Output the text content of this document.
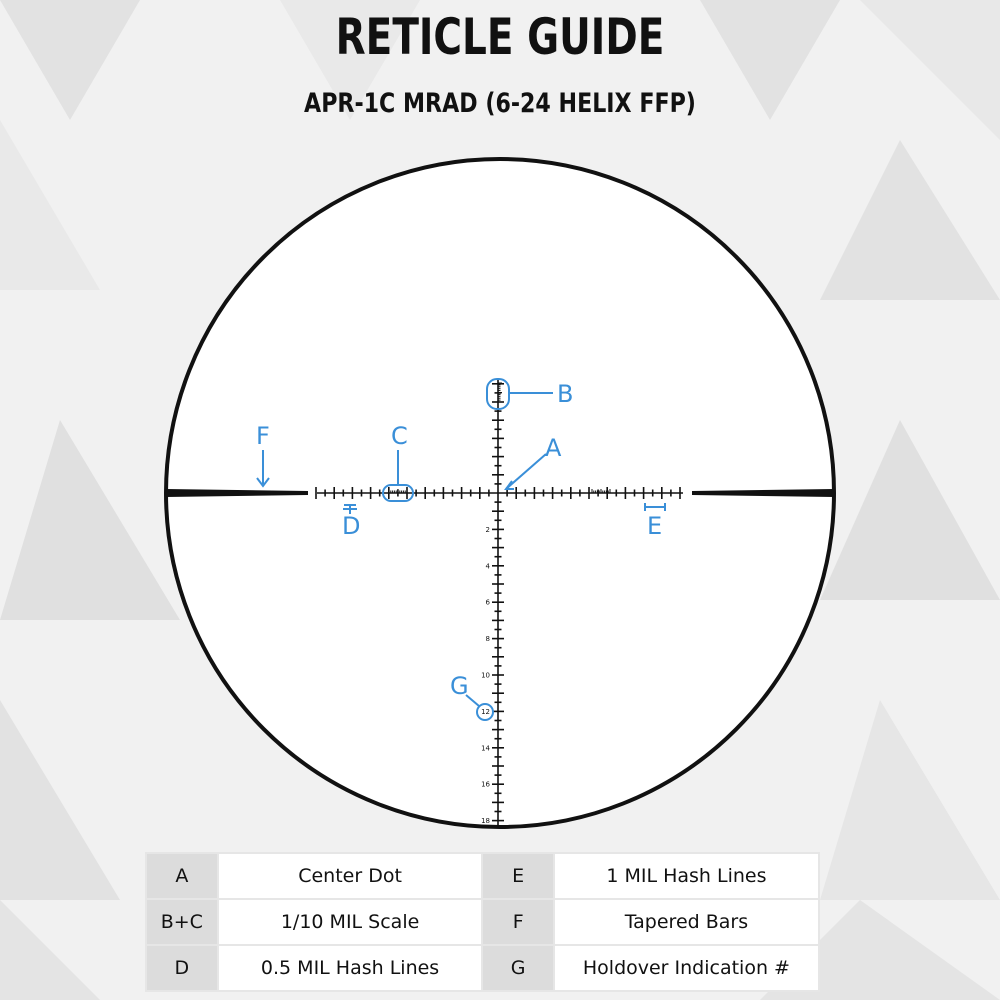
RETICLE GUIDE
APR-1C MRAD (6-24 HELIX FFP)
2
4
6
8
10
12
14
16
18
B
A
C
F
D	E
G
A	Center Dot	E	1 MIL Hash Lines
B+C	1/10 MIL Scale	F	Tapered Bars
D	0.5 MIL Hash Lines	G	Holdover Indication #
